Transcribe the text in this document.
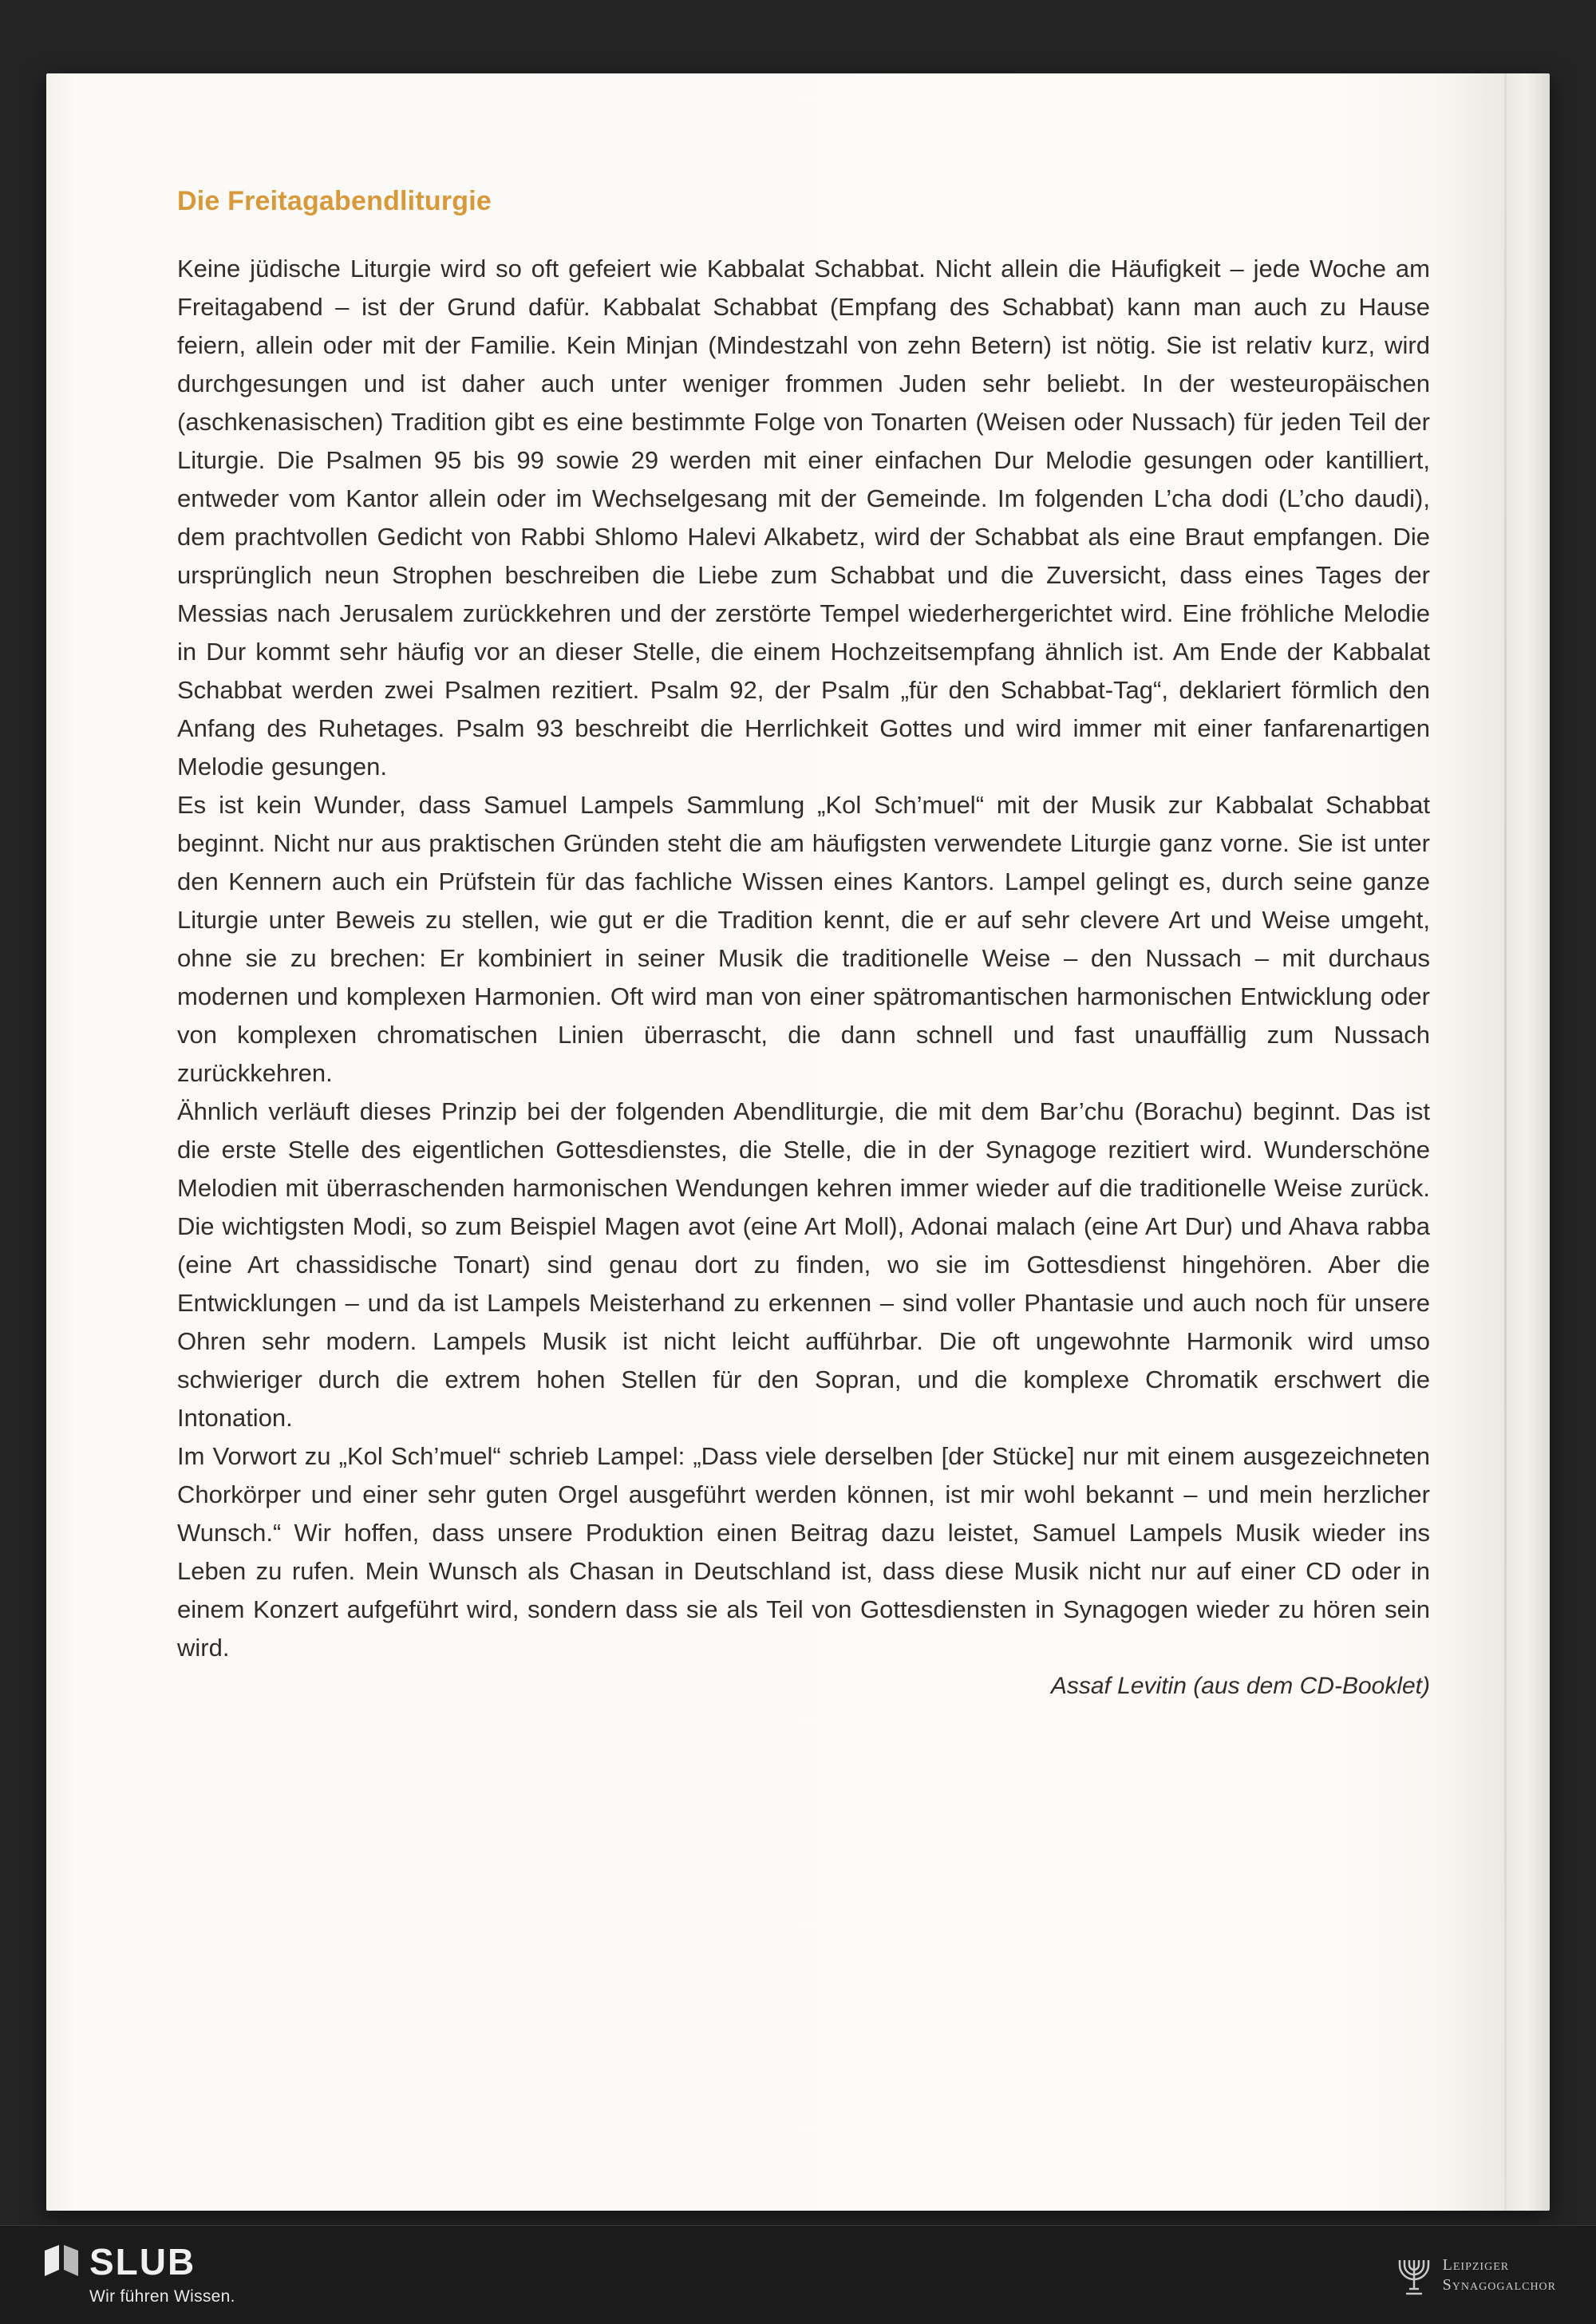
Die Freitagabendliturgie

Keine jüdische Liturgie wird so oft gefeiert wie Kabbalat Schabbat. Nicht allein die Häufigkeit – jede Woche am Freitagabend – ist der Grund dafür. Kabbalat Schabbat (Empfang des Schabbat) kann man auch zu Hause feiern, allein oder mit der Familie. Kein Minjan (Mindestzahl von zehn Betern) ist nötig. Sie ist relativ kurz, wird durchgesungen und ist daher auch unter weniger frommen Juden sehr beliebt. In der westeuropäischen (aschkenasischen) Tradition gibt es eine bestimmte Folge von Tonarten (Weisen oder Nussach) für jeden Teil der Liturgie. Die Psalmen 95 bis 99 sowie 29 werden mit einer einfachen Dur Melodie gesungen oder kantilliert, entweder vom Kantor allein oder im Wechselgesang mit der Gemeinde. Im folgenden L’cha dodi (L’cho daudi), dem prachtvollen Gedicht von Rabbi Shlomo Halevi Alkabetz, wird der Schabbat als eine Braut empfangen. Die ursprünglich neun Strophen beschreiben die Liebe zum Schabbat und die Zuversicht, dass eines Tages der Messias nach Jerusalem zurückkehren und der zerstörte Tempel wiederhergerichtet wird. Eine fröhliche Melodie in Dur kommt sehr häufig vor an dieser Stelle, die einem Hochzeitsempfang ähnlich ist. Am Ende der Kabbalat Schabbat werden zwei Psalmen rezitiert. Psalm 92, der Psalm „für den Schabbat-Tag“, deklariert förmlich den Anfang des Ruhetages. Psalm 93 beschreibt die Herrlichkeit Gottes und wird immer mit einer fanfarenartigen Melodie gesungen.

Es ist kein Wunder, dass Samuel Lampels Sammlung „Kol Sch’muel“ mit der Musik zur Kabbalat Schabbat beginnt. Nicht nur aus praktischen Gründen steht die am häufigsten verwendete Liturgie ganz vorne. Sie ist unter den Kennern auch ein Prüfstein für das fachliche Wissen eines Kantors. Lampel gelingt es, durch seine ganze Liturgie unter Beweis zu stellen, wie gut er die Tradition kennt, die er auf sehr clevere Art und Weise umgeht, ohne sie zu brechen: Er kombiniert in seiner Musik die traditionelle Weise – den Nussach – mit durchaus modernen und komplexen Harmonien. Oft wird man von einer spätromantischen harmonischen Entwicklung oder von komplexen chromatischen Linien überrascht, die dann schnell und fast unauffällig zum Nussach zurückkehren.

Ähnlich verläuft dieses Prinzip bei der folgenden Abendliturgie, die mit dem Bar’chu (Borachu) beginnt. Das ist die erste Stelle des eigentlichen Gottesdienstes, die Stelle, die in der Synagoge rezitiert wird. Wunderschöne Melodien mit überraschenden harmonischen Wendungen kehren immer wieder auf die traditionelle Weise zurück. Die wichtigsten Modi, so zum Beispiel Magen avot (eine Art Moll), Adonai malach (eine Art Dur) und Ahava rabba (eine Art chassidische Tonart) sind genau dort zu finden, wo sie im Gottesdienst hingehören. Aber die Entwicklungen – und da ist Lampels Meisterhand zu erkennen – sind voller Phantasie und auch noch für unsere Ohren sehr modern. Lampels Musik ist nicht leicht aufführbar. Die oft ungewohnte Harmonik wird umso schwieriger durch die extrem hohen Stellen für den Sopran, und die komplexe Chromatik erschwert die Intonation.

Im Vorwort zu „Kol Sch’muel“ schrieb Lampel: „Dass viele derselben [der Stücke] nur mit einem ausgezeichneten Chorkörper und einer sehr guten Orgel ausgeführt werden können, ist mir wohl bekannt – und mein herzlicher Wunsch.“ Wir hoffen, dass unsere Produktion einen Beitrag dazu leistet, Samuel Lampels Musik wieder ins Leben zu rufen. Mein Wunsch als Chasan in Deutschland ist, dass diese Musik nicht nur auf einer CD oder in einem Konzert aufgeführt wird, sondern dass sie als Teil von Gottesdiensten in Synagogen wieder zu hören sein wird.

Assaf Levitin (aus dem CD-Booklet)

SLUB
Wir führen Wissen.
Leipziger
Synagogalchor
